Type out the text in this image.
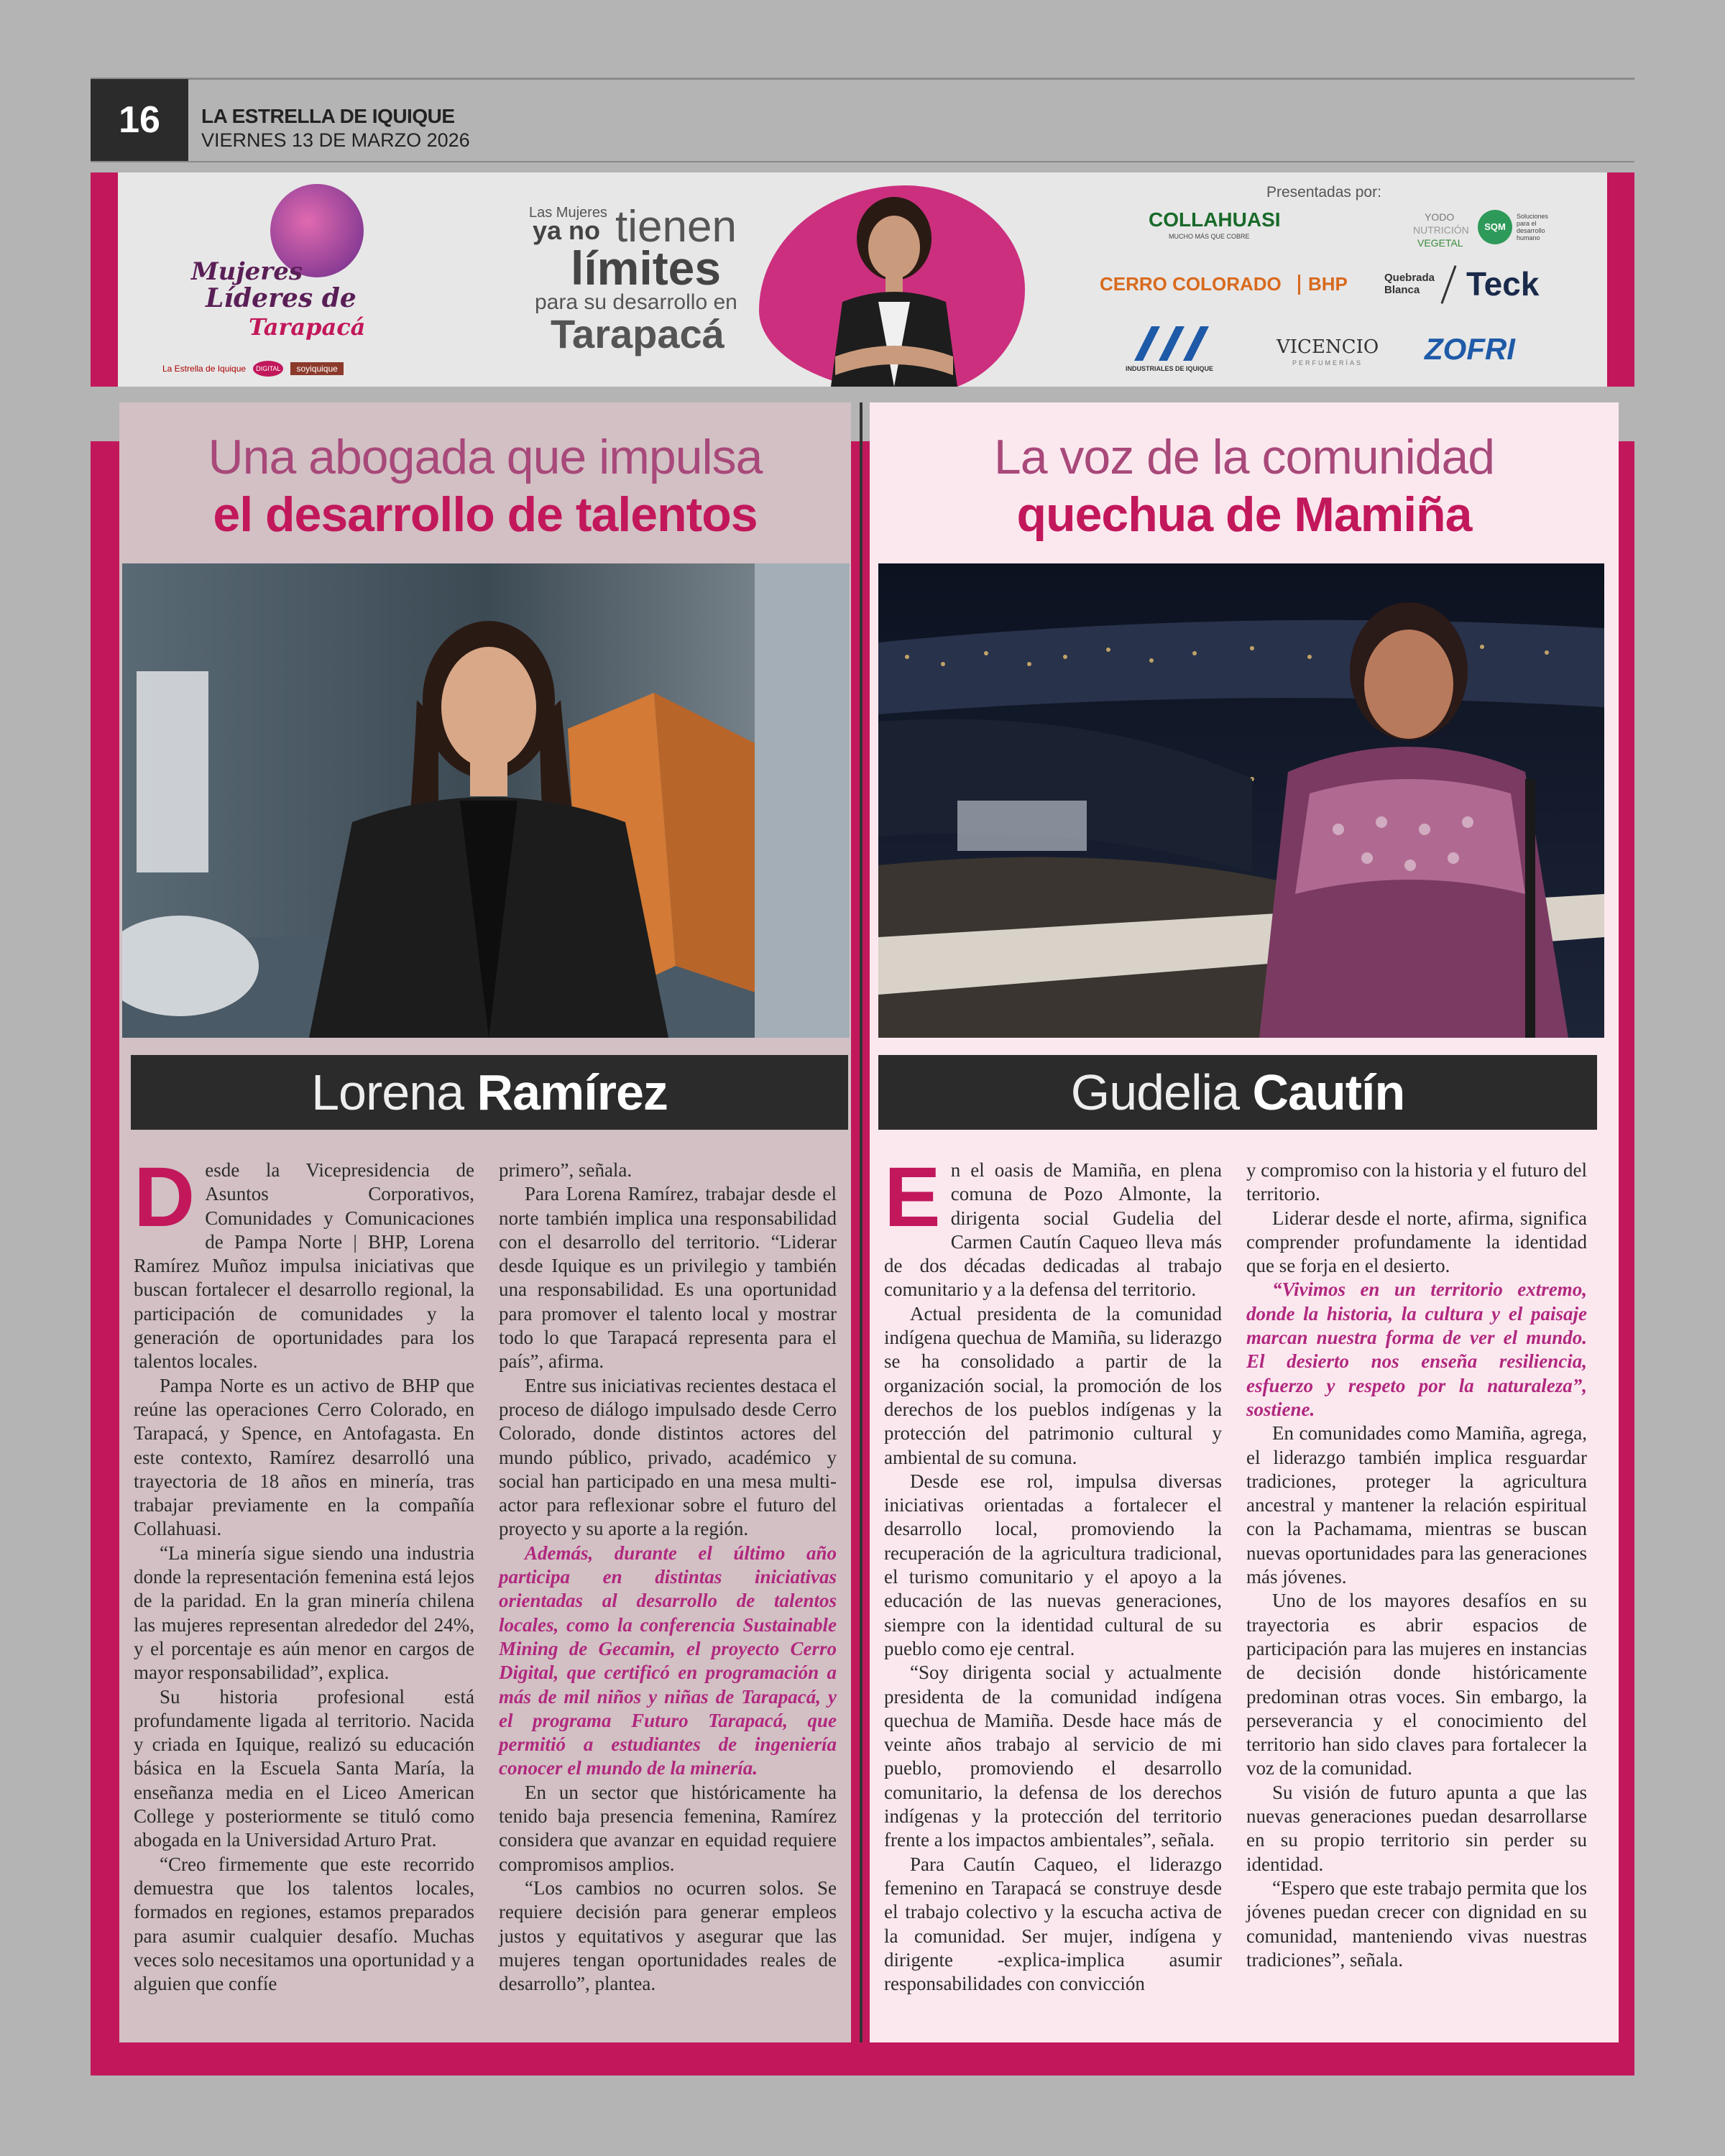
16	LA ESTRELLA DE IQUIQUE
VIERNES 13 DE MARZO 2026
Mujeres
Líderes de
Tarapacá
La Estrella de Iquique	DIGITAL	soyiquique
Las Mujeres
ya no tienen
límites
para su desarrollo en
Tarapacá
Presentadas por:
COLLAHUASI
MUCHO MÁS QUE COBRE
YODO
NUTRICIÓN
VEGETAL
SQM
Soluciones para el desarrollo humano
CERRO COLORADO BHP	Quebrada Blanca	Teck
INDUSTRIALES DE IQUIQUE
VICENCIO
PERFUMERÍAS ZOFRI
Una abogada que impulsa
el desarrollo de talentos
Lorena Ramírez
D esde la Vicepresidencia de Asuntos Corporativos, Comunidades y Comunicaciones de Pampa Norte | BHP, Lorena Ramírez Muñoz impulsa iniciativas que buscan fortalecer el desarrollo regional, la participación de comunidades y la generación de oportunidades para los talentos locales.

Pampa Norte es un activo de BHP que reúne las operaciones Cerro Colorado, en Tarapacá, y Spence, en Antofagasta. En este contexto, Ramírez desarrolló una trayectoria de 18 años en minería, tras trabajar previamente en la compañía Collahuasi.

“La minería sigue siendo una industria donde la representación femenina está lejos de la paridad. En la gran minería chilena las mujeres representan alrededor del 24%, y el porcentaje es aún menor en cargos de mayor responsabilidad”, explica.

Su historia profesional está profundamente ligada al territorio. Nacida y criada en Iquique, realizó su educación básica en la Escuela Santa María, la enseñanza media en el Liceo American College y posteriormente se tituló como abogada en la Universidad Arturo Prat.

“Creo firmemente que este recorrido demuestra que los talentos locales, formados en regiones, estamos preparados para asumir cualquier desafío. Muchas veces solo necesitamos una oportunidad y a alguien que confíe

primero”, señala.

Para Lorena Ramírez, trabajar desde el norte también implica una responsabilidad con el desarrollo del territorio. “Liderar desde Iquique es un privilegio y también una responsabilidad. Es una oportunidad para promover el talento local y mostrar todo lo que Tarapacá representa para el país”, afirma.

Entre sus iniciativas recientes destaca el proceso de diálogo impulsado desde Cerro Colorado, donde distintos actores del mundo público, privado, académico y social han participado en una mesa multi-actor para reflexionar sobre el futuro del proyecto y su aporte a la región.

Además, durante el último año participa en distintas iniciativas orientadas al desarrollo de talentos locales, como la conferencia Sustainable Mining de Gecamin, el proyecto Cerro Digital, que certificó en programación a más de mil niños y niñas de Tarapacá, y el programa Futuro Tarapacá, que permitió a estudiantes de ingeniería conocer el mundo de la minería.

En un sector que históricamente ha tenido baja presencia femenina, Ramírez considera que avanzar en equidad requiere compromisos amplios.

“Los cambios no ocurren solos. Se requiere decisión para generar empleos justos y equitativos y asegurar que las mujeres tengan oportunidades reales de desarrollo”, plantea.

La voz de la comunidad
quechua de Mamiña
Gudelia Cautín
E n el oasis de Mamiña, en plena comuna de Pozo Almonte, la dirigenta social Gudelia del Carmen Cautín Caqueo lleva más de dos décadas dedicadas al trabajo comunitario y a la defensa del territorio.

Actual presidenta de la comunidad indígena quechua de Mamiña, su liderazgo se ha consolidado a partir de la organización social, la promoción de los derechos de los pueblos indígenas y la protección del patrimonio cultural y ambiental de su comuna.

Desde ese rol, impulsa diversas iniciativas orientadas a fortalecer el desarrollo local, promoviendo la recuperación de la agricultura tradicional, el turismo comunitario y el apoyo a la educación de las nuevas generaciones, siempre con la identidad cultural de su pueblo como eje central.

“Soy dirigenta social y actualmente presidenta de la comunidad indígena quechua de Mamiña. Desde hace más de veinte años trabajo al servicio de mi pueblo, promoviendo el desarrollo comunitario, la defensa de los derechos indígenas y la protección del territorio frente a los impactos ambientales”, señala.

Para Cautín Caqueo, el liderazgo femenino en Tarapacá se construye desde el trabajo colectivo y la escucha activa de la comunidad. Ser mujer, indígena y dirigente -explica-implica asumir responsabilidades con convicción

y compromiso con la historia y el futuro del territorio.

Liderar desde el norte, afirma, significa comprender profundamente la identidad que se forja en el desierto.

“Vivimos en un territorio extremo, donde la historia, la cultura y el paisaje marcan nuestra forma de ver el mundo. El desierto nos enseña resiliencia, esfuerzo y respeto por la naturaleza”, sostiene.

En comunidades como Mamiña, agrega, el liderazgo también implica resguardar tradiciones, proteger la agricultura ancestral y mantener la relación espiritual con la Pachamama, mientras se buscan nuevas oportunidades para las generaciones más jóvenes.

Uno de los mayores desafíos en su trayectoria es abrir espacios de participación para las mujeres en instancias de decisión donde históricamente predominan otras voces. Sin embargo, la perseverancia y el conocimiento del territorio han sido claves para fortalecer la voz de la comunidad.

Su visión de futuro apunta a que las nuevas generaciones puedan desarrollarse en su propio territorio sin perder su identidad.

“Espero que este trabajo permita que los jóvenes puedan crecer con dignidad en su comunidad, manteniendo vivas nuestras tradiciones”, señala.
